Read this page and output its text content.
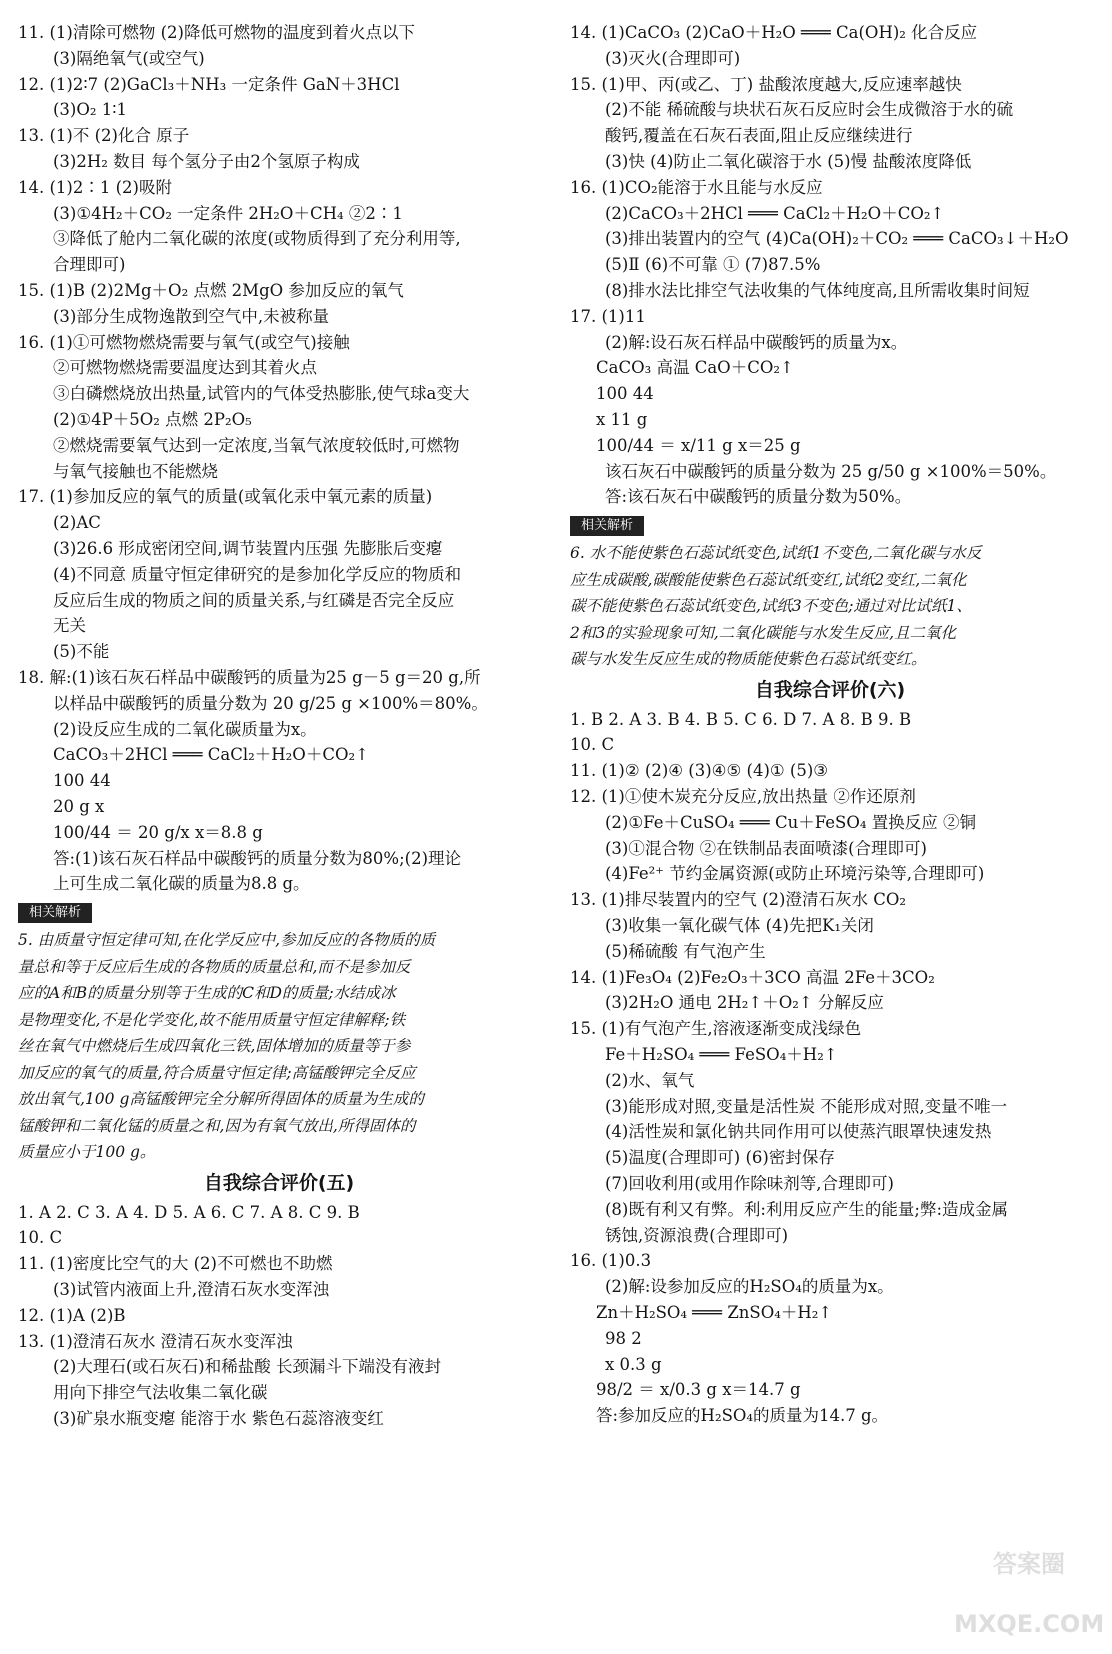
11. (1)清除可燃物 (2)降低可燃物的温度到着火点以下
(3)隔绝氧气(或空气)
12. (1)2∶7 (2)GaCl₃＋NH₃ 一定条件 GaN＋3HCl
(3)O₂ 1∶1
13. (1)不 (2)化合 原子
(3)2H₂ 数目 每个氢分子由2个氢原子构成
14. (1)2∶1 (2)吸附
(3)①4H₂＋CO₂ 一定条件 2H₂O＋CH₄ ②2∶1
③降低了舱内二氧化碳的浓度(或物质得到了充分利用等,
合理即可)
15. (1)B (2)2Mg＋O₂ 点燃 2MgO 参加反应的氧气
(3)部分生成物逸散到空气中,未被称量
16. (1)①可燃物燃烧需要与氧气(或空气)接触
②可燃物燃烧需要温度达到其着火点
③白磷燃烧放出热量,试管内的气体受热膨胀,使气球a变大
(2)①4P＋5O₂ 点燃 2P₂O₅
②燃烧需要氧气达到一定浓度,当氧气浓度较低时,可燃物
与氧气接触也不能燃烧
17. (1)参加反应的氧气的质量(或氧化汞中氧元素的质量)
(2)AC
(3)26.6 形成密闭空间,调节装置内压强 先膨胀后变瘪
(4)不同意 质量守恒定律研究的是参加化学反应的物质和
反应后生成的物质之间的质量关系,与红磷是否完全反应
无关
(5)不能
18. 解:(1)该石灰石样品中碳酸钙的质量为25 g－5 g＝20 g,所
以样品中碳酸钙的质量分数为 20 g/25 g ×100%＝80%。
(2)设反应生成的二氧化碳质量为x。
CaCO₃＋2HCl ═══ CaCl₂＋H₂O＋CO₂↑
100 44
20 g x
100/44 ＝ 20 g/x x＝8.8 g
答:(1)该石灰石样品中碳酸钙的质量分数为80%;(2)理论
上可生成二氧化碳的质量为8.8 g。
相关解析
5. 由质量守恒定律可知,在化学反应中,参加反应的各物质的质
量总和等于反应后生成的各物质的质量总和,而不是参加反
应的A和B的质量分别等于生成的C和D的质量;水结成冰
是物理变化,不是化学变化,故不能用质量守恒定律解释;铁
丝在氧气中燃烧后生成四氧化三铁,固体增加的质量等于参
加反应的氧气的质量,符合质量守恒定律;高锰酸钾完全反应
放出氧气,100 g高锰酸钾完全分解所得固体的质量为生成的
锰酸钾和二氧化锰的质量之和,因为有氧气放出,所得固体的
质量应小于100 g。
自我综合评价(五)
1. A 2. C 3. A 4. D 5. A 6. C 7. A 8. C 9. B
10. C
11. (1)密度比空气的大 (2)不可燃也不助燃
(3)试管内液面上升,澄清石灰水变浑浊
12. (1)A (2)B
13. (1)澄清石灰水 澄清石灰水变浑浊
(2)大理石(或石灰石)和稀盐酸 长颈漏斗下端没有液封
用向下排空气法收集二氧化碳
(3)矿泉水瓶变瘪 能溶于水 紫色石蕊溶液变红
14. (1)CaCO₃ (2)CaO＋H₂O ═══ Ca(OH)₂ 化合反应
(3)灭火(合理即可)
15. (1)甲、丙(或乙、丁) 盐酸浓度越大,反应速率越快
(2)不能 稀硫酸与块状石灰石反应时会生成微溶于水的硫
酸钙,覆盖在石灰石表面,阻止反应继续进行
(3)快 (4)防止二氧化碳溶于水 (5)慢 盐酸浓度降低
16. (1)CO₂能溶于水且能与水反应
(2)CaCO₃＋2HCl ═══ CaCl₂＋H₂O＋CO₂↑
(3)排出装置内的空气 (4)Ca(OH)₂＋CO₂ ═══ CaCO₃↓＋H₂O
(5)Ⅱ (6)不可靠 ① (7)87.5%
(8)排水法比排空气法收集的气体纯度高,且所需收集时间短
17. (1)11
(2)解:设石灰石样品中碳酸钙的质量为x。
CaCO₃ 高温 CaO＋CO₂↑
100 44
x 11 g
100/44 ＝ x/11 g x＝25 g
该石灰石中碳酸钙的质量分数为 25 g/50 g ×100%＝50%。
答:该石灰石中碳酸钙的质量分数为50%。
相关解析
6. 水不能使紫色石蕊试纸变色,试纸1不变色,二氧化碳与水反
应生成碳酸,碳酸能使紫色石蕊试纸变红,试纸2变红,二氧化
碳不能使紫色石蕊试纸变色,试纸3不变色;通过对比试纸1、
2和3的实验现象可知,二氧化碳能与水发生反应,且二氧化
碳与水发生反应生成的物质能使紫色石蕊试纸变红。
自我综合评价(六)
1. B 2. A 3. B 4. B 5. C 6. D 7. A 8. B 9. B
10. C
11. (1)② (2)④ (3)④⑤ (4)① (5)③
12. (1)①使木炭充分反应,放出热量 ②作还原剂
(2)①Fe＋CuSO₄ ═══ Cu＋FeSO₄ 置换反应 ②铜
(3)①混合物 ②在铁制品表面喷漆(合理即可)
(4)Fe²⁺ 节约金属资源(或防止环境污染等,合理即可)
13. (1)排尽装置内的空气 (2)澄清石灰水 CO₂
(3)收集一氧化碳气体 (4)先把K₁关闭
(5)稀硫酸 有气泡产生
14. (1)Fe₃O₄ (2)Fe₂O₃＋3CO 高温 2Fe＋3CO₂
(3)2H₂O 通电 2H₂↑＋O₂↑ 分解反应
15. (1)有气泡产生,溶液逐渐变成浅绿色
Fe＋H₂SO₄ ═══ FeSO₄＋H₂↑
(2)水、氧气
(3)能形成对照,变量是活性炭 不能形成对照,变量不唯一
(4)活性炭和氯化钠共同作用可以使蒸汽眼罩快速发热
(5)温度(合理即可) (6)密封保存
(7)回收利用(或用作除味剂等,合理即可)
(8)既有利又有弊。利:利用反应产生的能量;弊:造成金属
锈蚀,资源浪费(合理即可)
16. (1)0.3
(2)解:设参加反应的H₂SO₄的质量为x。
Zn＋H₂SO₄ ═══ ZnSO₄＋H₂↑
98 2
x 0.3 g
98/2 ＝ x/0.3 g x＝14.7 g
答:参加反应的H₂SO₄的质量为14.7 g。
答案圈 MXQE.COM
